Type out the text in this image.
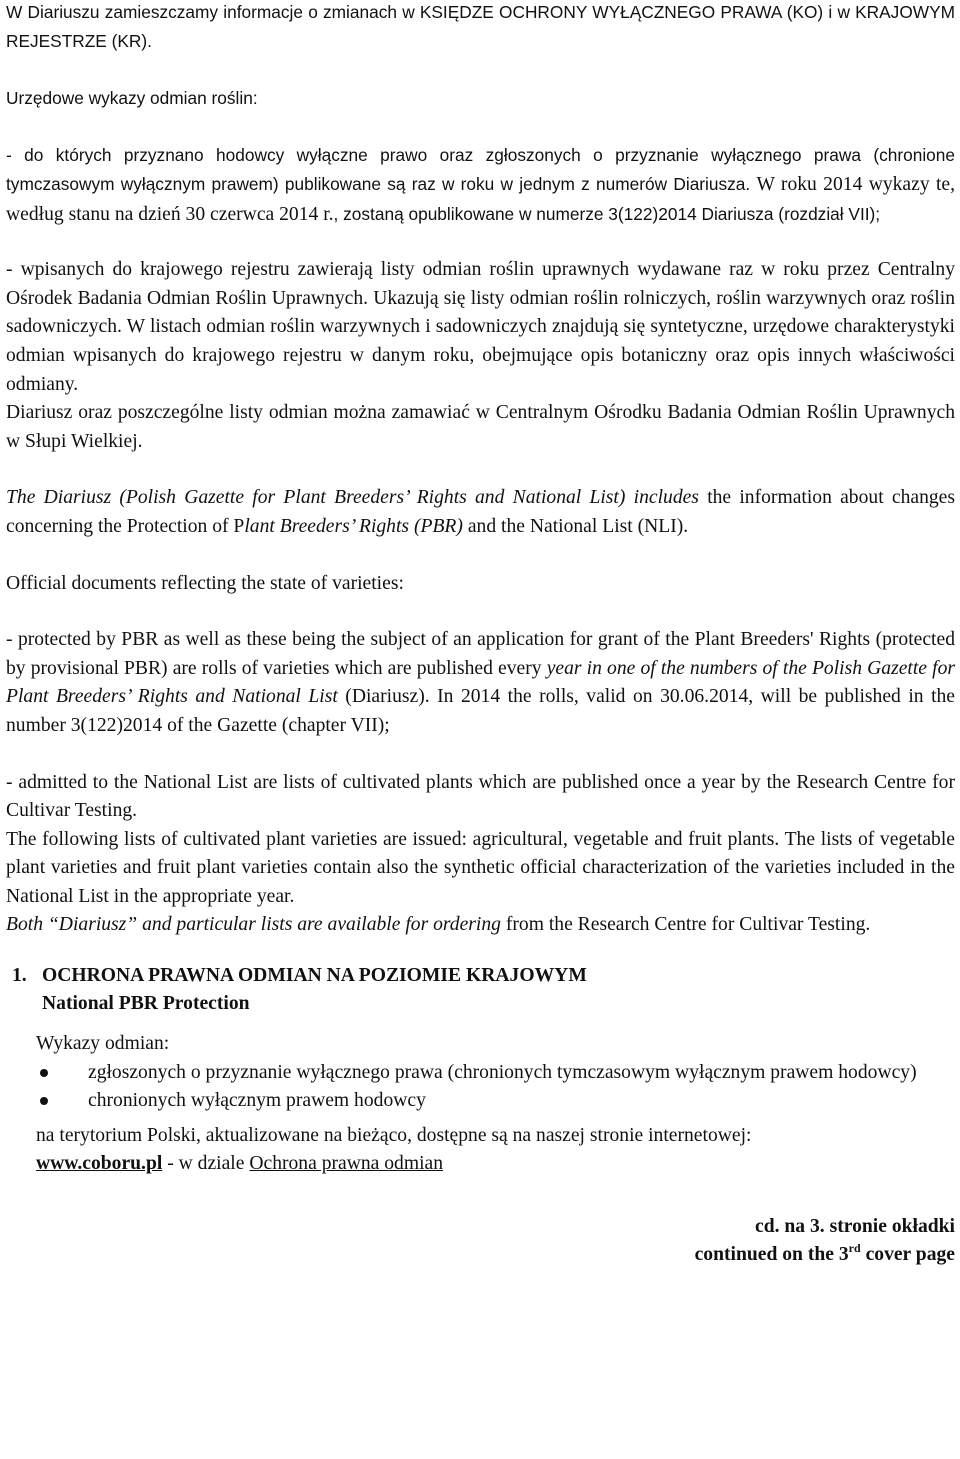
W Diariuszu zamieszczamy informacje o zmianach w KSIĘDZE OCHRONY WYŁĄCZNEGO PRAWA (KO) i w KRAJOWYM REJESTRZE (KR).

Urzędowe wykazy odmian roślin:

- do których przyznano hodowcy wyłączne prawo oraz zgłoszonych o przyznanie wyłącznego prawa (chronione tymczasowym wyłącznym prawem) publikowane są raz w roku w jednym z numerów Diariusza. W roku 2014 wykazy te, według stanu na dzień 30 czerwca 2014 r., zostaną opublikowane w numerze 3(122)2014 Diariusza (rozdział VII);

- wpisanych do krajowego rejestru zawierają listy odmian roślin uprawnych wydawane raz w roku przez Centralny Ośrodek Badania Odmian Roślin Uprawnych. Ukazują się listy odmian roślin rolniczych, roślin warzywnych oraz roślin sadowniczych. W listach odmian roślin warzywnych i sadowniczych znajdują się syntetyczne, urzędowe charakterystyki odmian wpisanych do krajowego rejestru w danym roku, obejmujące opis botaniczny oraz opis innych właściwości odmiany.

Diariusz oraz poszczególne listy odmian można zamawiać w Centralnym Ośrodku Badania Odmian Roślin Uprawnych w Słupi Wielkiej.

The Diariusz (Polish Gazette for Plant Breeders’ Rights and National List) includes the information about changes concerning the Protection of Plant Breeders’ Rights (PBR) and the National List (NLI).

Official documents reflecting the state of varieties:

- protected by PBR as well as these being the subject of an application for grant of the Plant Breeders' Rights (protected by provisional PBR) are rolls of varieties which are published every year in one of the numbers of the Polish Gazette for Plant Breeders’ Rights and National List (Diariusz). In 2014 the rolls, valid on 30.06.2014, will be published in the number 3(122)2014 of the Gazette (chapter VII);

- admitted to the National List are lists of cultivated plants which are published once a year by the Research Centre for Cultivar Testing.

The following lists of cultivated plant varieties are issued: agricultural, vegetable and fruit plants. The lists of vegetable plant varieties and fruit plant varieties contain also the synthetic official characterization of the varieties included in the National List in the appropriate year.

Both “Diariusz” and particular lists are available for ordering from the Research Centre for Cultivar Testing.

1. OCHRONA PRAWNA ODMIAN NA POZIOMIE KRAJOWYM
National PBR Protection

Wykazy odmian:

zgłoszonych o przyznanie wyłącznego prawa (chronionych tymczasowym wyłącznym prawem hodowcy)
chronionych wyłącznym prawem hodowcy

na terytorium Polski, aktualizowane na bieżąco, dostępne są na naszej stronie internetowej:
www.coboru.pl - w dziale Ochrona prawna odmian

cd. na 3. stronie okładki
continued on the 3rd cover page
